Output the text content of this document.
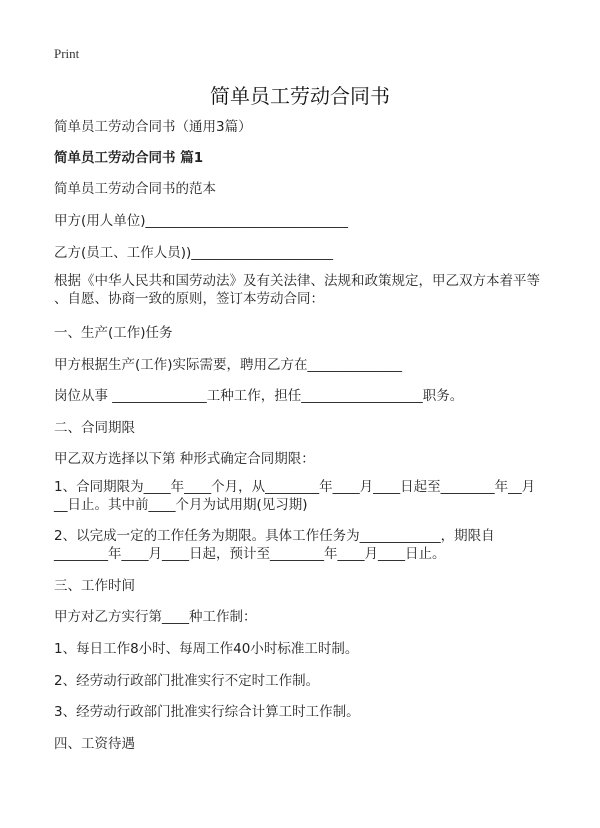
Print
简单员工劳动合同书
简单员工劳动合同书（通用3篇）
简单员工劳动合同书 篇1
简单员工劳动合同书的范本
甲方(用人单位)______________________________
乙方(员工、工作人员))_____________________
根据《中华人民共和国劳动法》及有关法律、法规和政策规定，甲乙双方本着平等
、自愿、协商一致的原则，签订本劳动合同：
一、生产(工作)任务
甲方根据生产(工作)实际需要，聘用乙方在______________
岗位从事 ______________工种工作，担任__________________职务。
二、合同期限
甲乙双方选择以下第 种形式确定合同期限：
1、合同期限为____年____个月，从________年____月____日起至________年__月
__日止。其中前____个月为试用期(见习期)
2、以完成一定的工作任务为期限。具体工作任务为____________，期限自
________年____月____日起，预计至________年____月____日止。
三、工作时间
甲方对乙方实行第____种工作制：
1、每日工作8小时、每周工作40小时标准工时制。
2、经劳动行政部门批准实行不定时工作制。
3、经劳动行政部门批准实行综合计算工时工作制。
四、工资待遇
